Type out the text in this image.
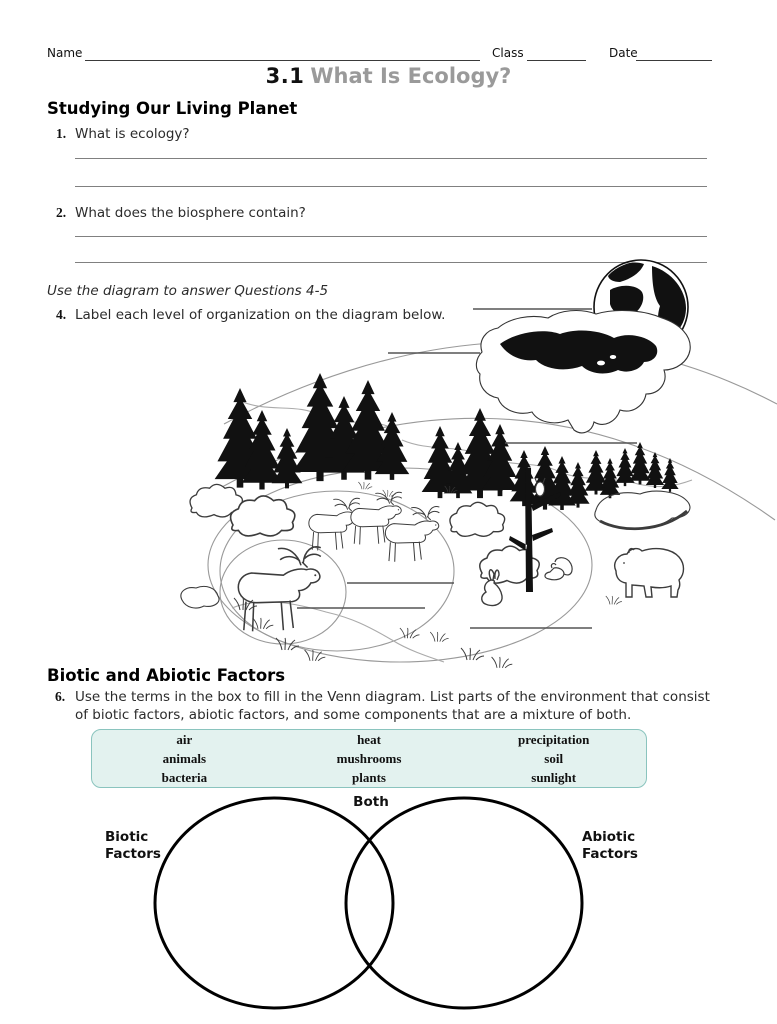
Name	Class	Date
3.1 What Is Ecology?
Studying Our Living Planet
1. What is ecology?
2. What does the biosphere contain?
Use the diagram to answer Questions 4-5
4. Label each level of organization on the diagram below.
Biotic and Abiotic Factors
6. Use the terms in the box to fill in the Venn diagram. List parts of the environment that consist
of biotic factors, abiotic factors, and some components that are a mixture of both.
air
animals
bacteria
heat
mushrooms
plants
precipitation
soil
sunlight
Both
Biotic
Factors
Abiotic
Factors
